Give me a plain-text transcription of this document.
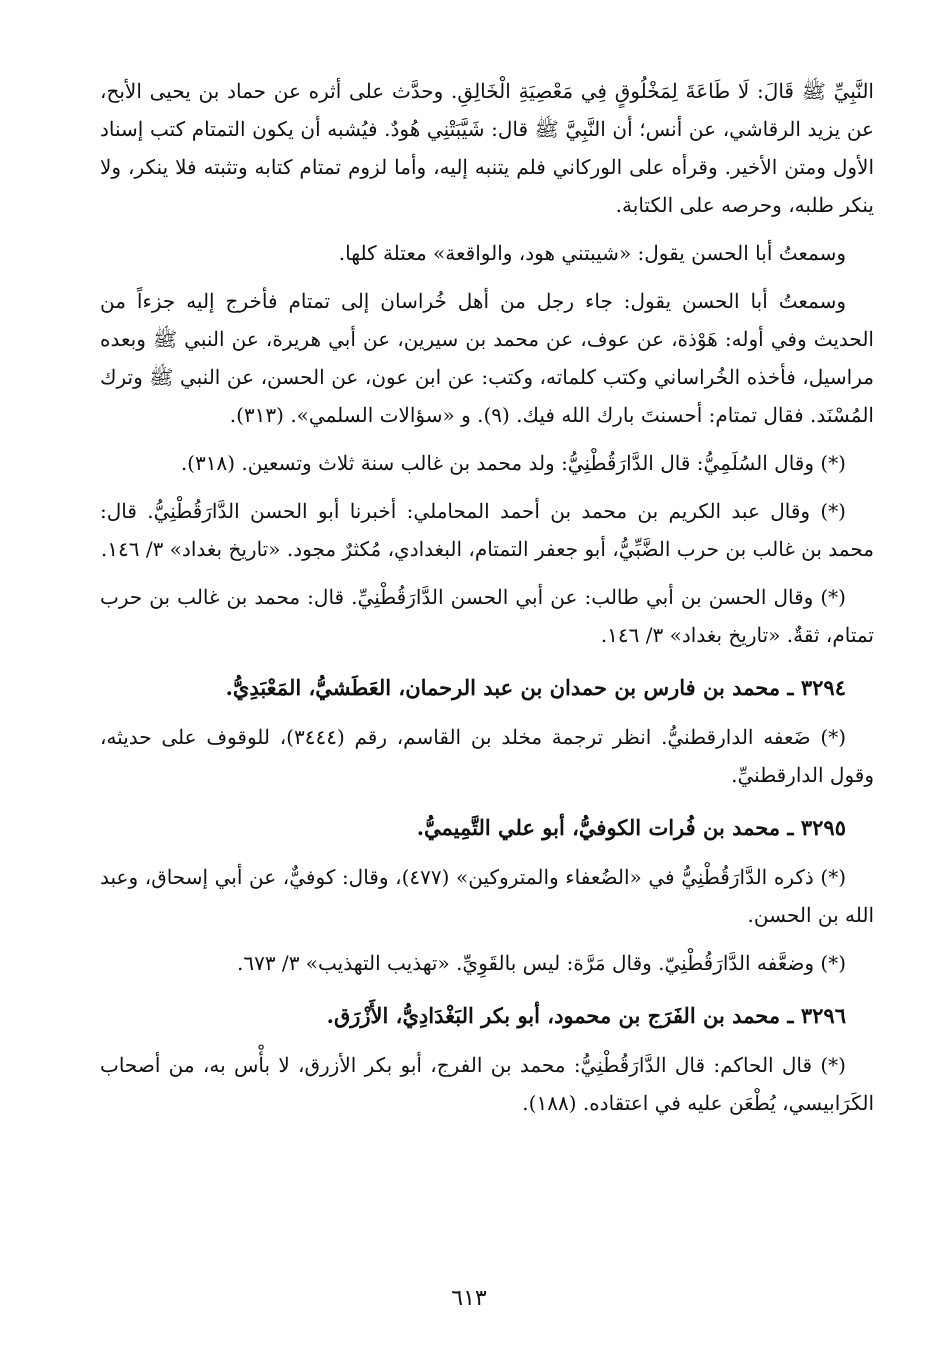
النَّبِيِّ ﷺ قَالَ: لَا طَاعَةَ لِمَخْلُوقٍ فِي مَعْصِيَةِ الْخَالِقِ. وحدَّث على أثره عن حماد بن يحيى الأبح، عن يزيد الرقاشي، عن أنس؛ أن النَّبِيَّ ﷺ قال: شَيَّبَتْنِي هُودٌ. فيُشبه أن يكون التمتام كتب إسناد الأول ومتن الأخير. وقرأه على الوركاني فلم يتنبه إليه، وأما لزوم تمتام كتابه وتثبته فلا ينكر، ولا ينكر طلبه، وحرصه على الكتابة.

وسمعتُ أبا الحسن يقول: «شيبتني هود، والواقعة» معتلة كلها.

وسمعتُ أبا الحسن يقول: جاء رجل من أهل خُراسان إلى تمتام فأخرج إليه جزءاً من الحديث وفي أوله: هَوْذة، عن عوف، عن محمد بن سيرين، عن أبي هريرة، عن النبي ﷺ وبعده مراسيل، فأخذه الخُراساني وكتب كلماته، وكتب: عن ابن عون، عن الحسن، عن النبي ﷺ وترك المُسْنَد. فقال تمتام: أحسنتَ بارك الله فيك. (٩). و «سؤالات السلمي». (٣١٣).

(*) وقال السُلَمِيُّ: قال الدَّارَقُطْنِيُّ: ولد محمد بن غالب سنة ثلاث وتسعين. (٣١٨).

(*) وقال عبد الكريم بن محمد بن أحمد المحاملي: أخبرنا أبو الحسن الدَّارَقُطْنِيُّ. قال: محمد بن غالب بن حرب الضَّبِّيُّ، أبو جعفر التمتام، البغدادي، مُكثرٌ مجود. «تاريخ بغداد» ٣/ ١٤٦.

(*) وقال الحسن بن أبي طالب: عن أبي الحسن الدَّارَقُطْنِيِّ. قال: محمد بن غالب بن حرب تمتام، ثقةٌ. «تاريخ بغداد» ٣/ ١٤٦.

٣٢٩٤ ـ محمد بن فارس بن حمدان بن عبد الرحمان، العَطَشيُّ، المَعْبَدِيُّ.

(*) ضَعفه الدارقطنيُّ. انظر ترجمة مخلد بن القاسم، رقم (٣٤٤٤)، للوقوف على حديثه، وقول الدارقطنيِّ.

٣٢٩٥ ـ محمد بن فُرات الكوفيُّ، أبو علي التَّمِيميُّ.

(*) ذكره الدَّارَقُطْنِيُّ في «الضُعفاء والمتروكين» (٤٧٧)، وقال: كوفيٌّ، عن أبي إسحاق، وعبد الله بن الحسن.

(*) وضعَّفه الدَّارَقُطْنِيّ. وقال مَرَّة: ليس بالقَوِيِّ. «تهذيب التهذيب» ٣/ ٦٧٣.

٣٢٩٦ ـ محمد بن الفَرَج بن محمود، أبو بكر البَغْدَادِيُّ، الأَزْرَق.

(*) قال الحاكم: قال الدَّارَقُطْنِيُّ: محمد بن الفرج، أبو بكر الأزرق، لا بأْس به، من أصحاب الكَرَابيسي، يُطْعَن عليه في اعتقاده. (١٨٨).

٦١٣
